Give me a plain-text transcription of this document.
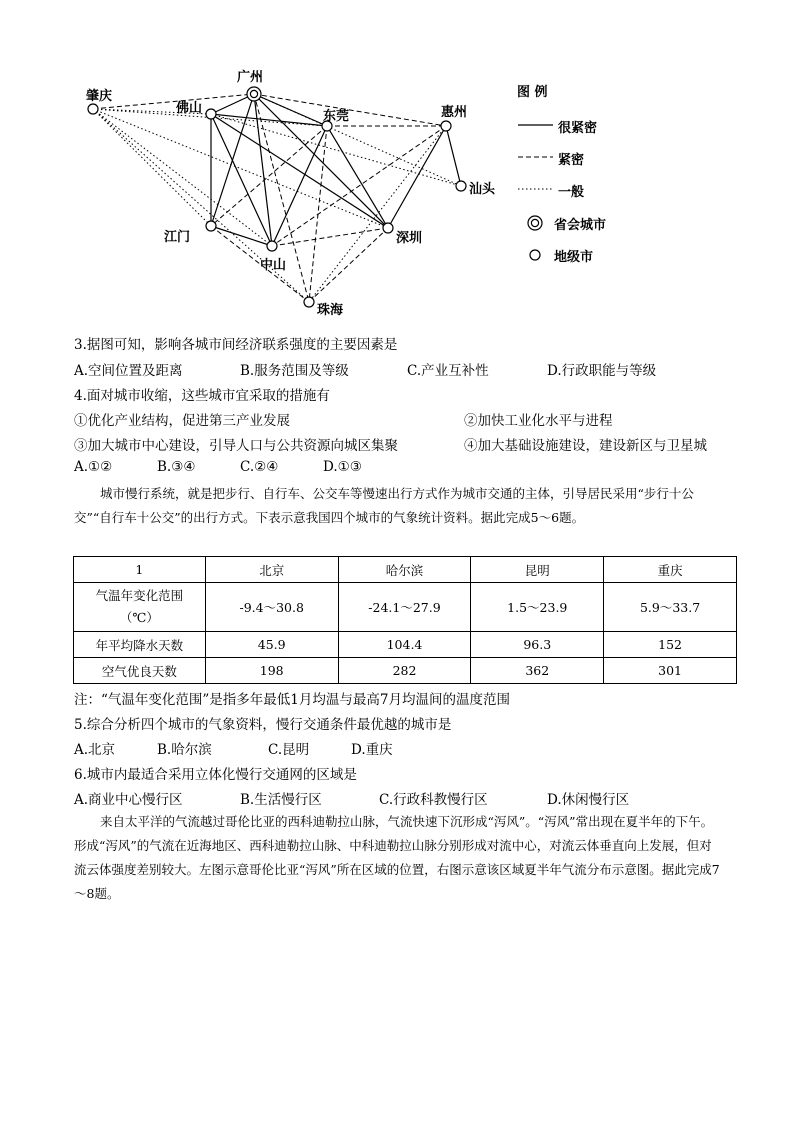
肇庆
广州
佛山
东莞	惠州
汕头
江门
中山
深圳
珠海
图 例
很紧密
紧密
一般
省会城市
地级市
3.据图可知，影响各城市间经济联系强度的主要因素是
A.空间位置及距离	B.服务范围及等级	C.产业互补性	D.行政职能与等级
4.面对城市收缩，这些城市宜采取的措施有
①优化产业结构，促进第三产业发展	②加快工业化水平与进程
③加大城市中心建设，引导人口与公共资源向城区集聚	④加大基础设施建设，建设新区与卫星城
A.①②	B.③④	C.②④	D.①③
城市慢行系统，就是把步行、自行车、公交车等慢速出行方式作为城市交通的主体，引导居民采用“步行十公交”“自行车十公交”的出行方式。下表示意我国四个城市的气象统计资料。据此完成5～6题。
1	北京	哈尔滨	昆明	重庆
气温年变化范围
（℃）	-9.4～30.8	-24.1～27.9	1.5～23.9	5.9～33.7
年平均降水天数	45.9	104.4	96.3	152
空气优良天数	198	282	362	301
注：“气温年变化范围”是指多年最低1月均温与最高7月均温间的温度范围
5.综合分析四个城市的气象资料，慢行交通条件最优越的城市是
A.北京	B.哈尔滨	C.昆明	D.重庆
6.城市内最适合采用立体化慢行交通网的区域是
A.商业中心慢行区	B.生活慢行区	C.行政科教慢行区	D.休闲慢行区
来自太平洋的气流越过哥伦比亚的西科迪勒拉山脉，气流快速下沉形成“泻风”。“泻风”常出现在夏半年的下午。形成“泻风”的气流在近海地区、西科迪勒拉山脉、中科迪勒拉山脉分别形成对流中心，对流云体垂直向上发展，但对流云体强度差别较大。左图示意哥伦比亚“泻风”所在区域的位置，右图示意该区域夏半年气流分布示意图。据此完成7～8题。
